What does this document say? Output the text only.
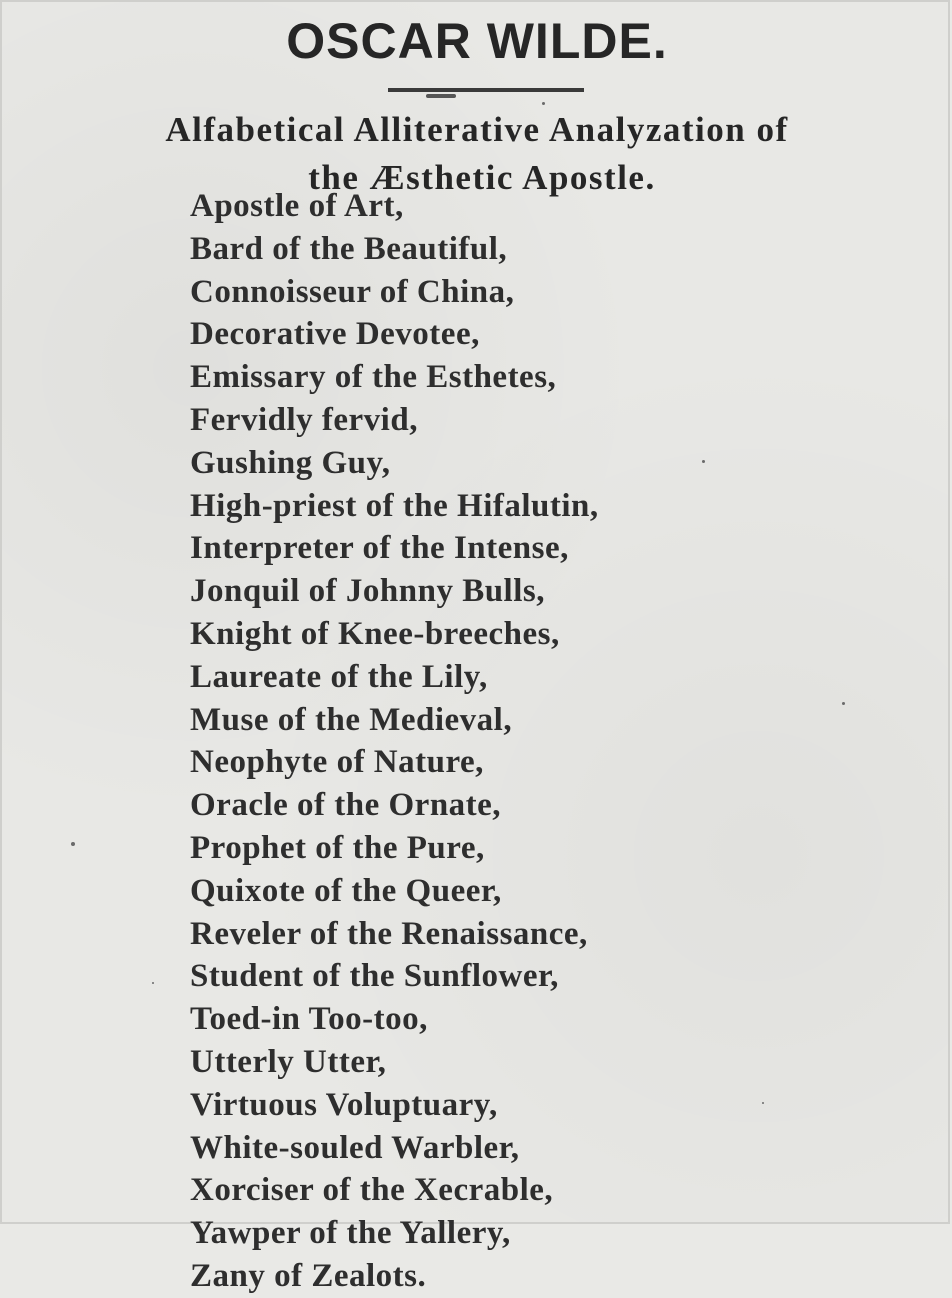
OSCAR WILDE.
Alfabetical Alliterative Analyzation of
the Æsthetic Apostle.
Apostle of Art,
Bard of the Beautiful,
Connoisseur of China,
Decorative Devotee,
Emissary of the Esthetes,
Fervidly fervid,
Gushing Guy,
High-priest of the Hifalutin,
Interpreter of the Intense,
Jonquil of Johnny Bulls,
Knight of Knee-breeches,
Laureate of the Lily,
Muse of the Medieval,
Neophyte of Nature,
Oracle of the Ornate,
Prophet of the Pure,
Quixote of the Queer,
Reveler of the Renaissance,
Student of the Sunflower,
Toed-in Too-too,
Utterly Utter,
Virtuous Voluptuary,
White-souled Warbler,
Xorciser of the Xecrable,
Yawper of the Yallery,
Zany of Zealots.
